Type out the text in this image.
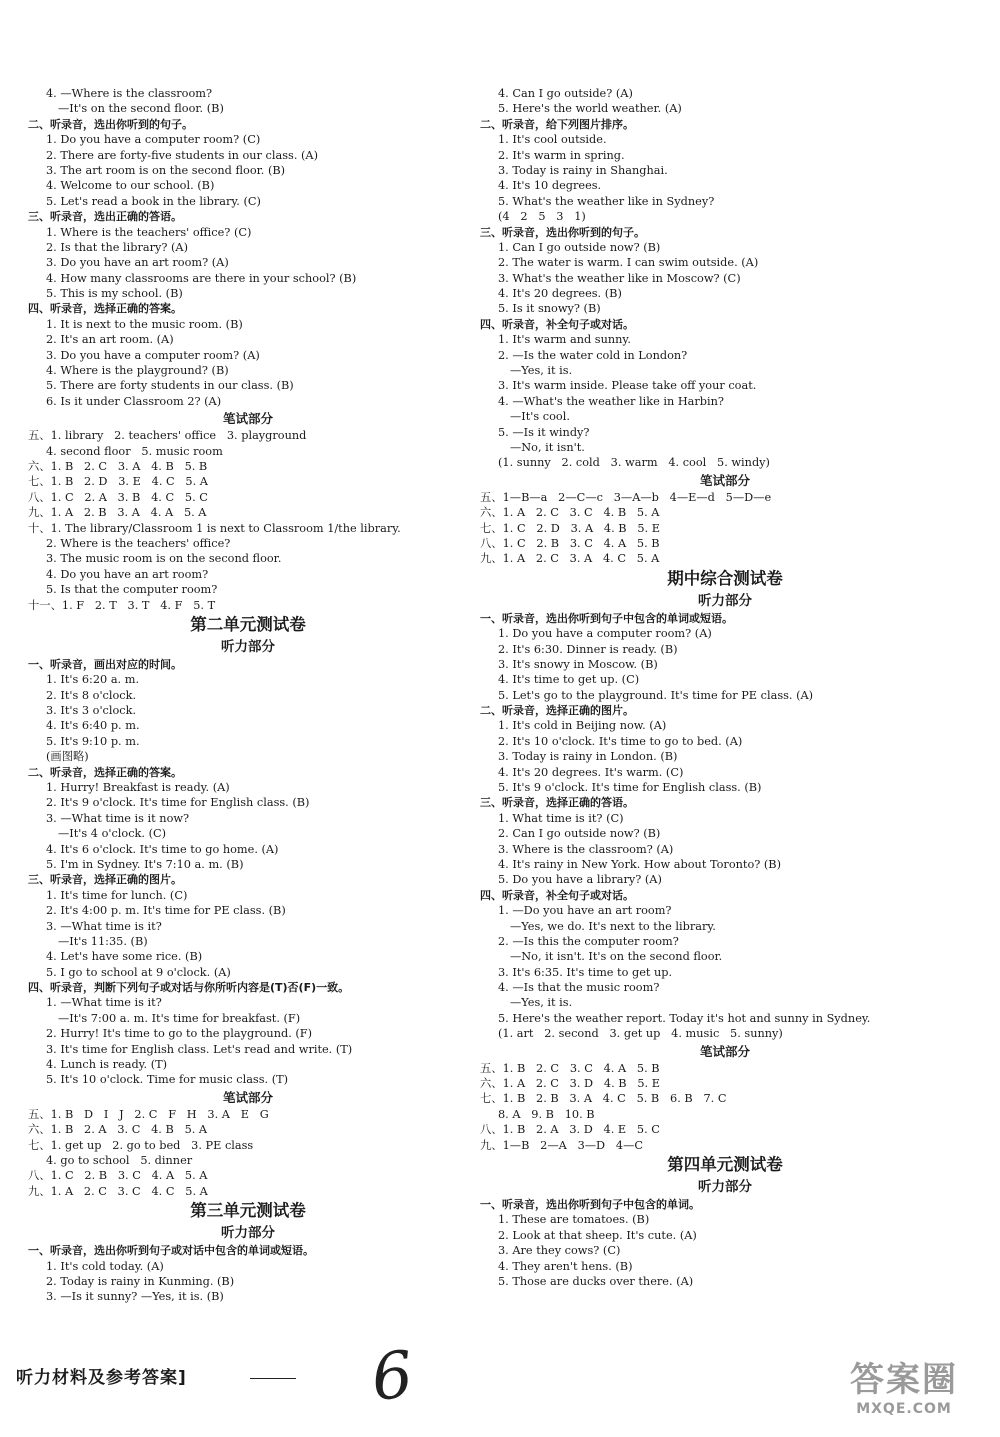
4. —Where is the classroom?
—It's on the second floor. (B)
二、听录音，选出你听到的句子。
1. Do you have a computer room? (C)
2. There are forty-five students in our class. (A)
3. The art room is on the second floor. (B)
4. Welcome to our school. (B)
5. Let's read a book in the library. (C)
三、听录音，选出正确的答语。
1. Where is the teachers' office? (C)
2. Is that the library? (A)
3. Do you have an art room? (A)
4. How many classrooms are there in your school? (B)
5. This is my school. (B)
四、听录音，选择正确的答案。
1. It is next to the music room. (B)
2. It's an art room. (A)
3. Do you have a computer room? (A)
4. Where is the playground? (B)
5. There are forty students in our class. (B)
6. Is it under Classroom 2? (A)
笔试部分
五、1. library   2. teachers' office   3. playground
4. second floor   5. music room
六、1. B   2. C   3. A   4. B   5. B
七、1. B   2. D   3. E   4. C   5. A
八、1. C   2. A   3. B   4. C   5. C
九、1. A   2. B   3. A   4. A   5. A
十、1. The library/Classroom 1 is next to Classroom 1/the library.
2. Where is the teachers' office?
3. The music room is on the second floor.
4. Do you have an art room?
5. Is that the computer room?
十一、1. F   2. T   3. T   4. F   5. T
第二单元测试卷
听力部分
一、听录音，画出对应的时间。
1. It's 6:20 a. m.
2. It's 8 o'clock.
3. It's 3 o'clock.
4. It's 6:40 p. m.
5. It's 9:10 p. m.
(画图略)
二、听录音，选择正确的答案。
1. Hurry! Breakfast is ready. (A)
2. It's 9 o'clock. It's time for English class. (B)
3. —What time is it now?
—It's 4 o'clock. (C)
4. It's 6 o'clock. It's time to go home. (A)
5. I'm in Sydney. It's 7:10 a. m. (B)
三、听录音，选择正确的图片。
1. It's time for lunch. (C)
2. It's 4:00 p. m. It's time for PE class. (B)
3. —What time is it?
—It's 11:35. (B)
4. Let's have some rice. (B)
5. I go to school at 9 o'clock. (A)
四、听录音，判断下列句子或对话与你所听内容是(T)否(F)一致。
1. —What time is it?
—It's 7:00 a. m. It's time for breakfast. (F)
2. Hurry! It's time to go to the playground. (F)
3. It's time for English class. Let's read and write. (T)
4. Lunch is ready. (T)
5. It's 10 o'clock. Time for music class. (T)
笔试部分
五、1. B   D   I   J   2. C   F   H   3. A   E   G
六、1. B   2. A   3. C   4. B   5. A
七、1. get up   2. go to bed   3. PE class
4. go to school   5. dinner
八、1. C   2. B   3. C   4. A   5. A
九、1. A   2. C   3. C   4. C   5. A
第三单元测试卷
听力部分
一、听录音，选出你听到句子或对话中包含的单词或短语。
1. It's cold today. (A)
2. Today is rainy in Kunming. (B)
3. —Is it sunny? —Yes, it is. (B)
4. Can I go outside? (A)
5. Here's the world weather. (A)
二、听录音，给下列图片排序。
1. It's cool outside.
2. It's warm in spring.
3. Today is rainy in Shanghai.
4. It's 10 degrees.
5. What's the weather like in Sydney?
(4   2   5   3   1)
三、听录音，选出你听到的句子。
1. Can I go outside now? (B)
2. The water is warm. I can swim outside. (A)
3. What's the weather like in Moscow? (C)
4. It's 20 degrees. (B)
5. Is it snowy? (B)
四、听录音，补全句子或对话。
1. It's warm and sunny.
2. —Is the water cold in London?
—Yes, it is.
3. It's warm inside. Please take off your coat.
4. —What's the weather like in Harbin?
—It's cool.
5. —Is it windy?
—No, it isn't.
(1. sunny   2. cold   3. warm   4. cool   5. windy)
笔试部分
五、1—B—a   2—C—c   3—A—b   4—E—d   5—D—e
六、1. A   2. C   3. C   4. B   5. A
七、1. C   2. D   3. A   4. B   5. E
八、1. C   2. B   3. C   4. A   5. B
九、1. A   2. C   3. A   4. C   5. A
期中综合测试卷
听力部分
一、听录音，选出你听到句子中包含的单词或短语。
1. Do you have a computer room? (A)
2. It's 6:30. Dinner is ready. (B)
3. It's snowy in Moscow. (B)
4. It's time to get up. (C)
5. Let's go to the playground. It's time for PE class. (A)
二、听录音，选择正确的图片。
1. It's cold in Beijing now. (A)
2. It's 10 o'clock. It's time to go to bed. (A)
3. Today is rainy in London. (B)
4. It's 20 degrees. It's warm. (C)
5. It's 9 o'clock. It's time for English class. (B)
三、听录音，选择正确的答语。
1. What time is it? (C)
2. Can I go outside now? (B)
3. Where is the classroom? (A)
4. It's rainy in New York. How about Toronto? (B)
5. Do you have a library? (A)
四、听录音，补全句子或对话。
1. —Do you have an art room?
—Yes, we do. It's next to the library.
2. —Is this the computer room?
—No, it isn't. It's on the second floor.
3. It's 6:35. It's time to get up.
4. —Is that the music room?
—Yes, it is.
5. Here's the weather report. Today it's hot and sunny in Sydney.
(1. art   2. second   3. get up   4. music   5. sunny)
笔试部分
五、1. B   2. C   3. C   4. A   5. B
六、1. A   2. C   3. D   4. B   5. E
七、1. B   2. B   3. A   4. C   5. B   6. B   7. C
8. A   9. B   10. B
八、1. B   2. A   3. D   4. E   5. C
九、1—B   2—A   3—D   4—C
第四单元测试卷
听力部分
一、听录音，选出你听到句子中包含的单词。
1. These are tomatoes. (B)
2. Look at that sheep. It's cute. (A)
3. Are they cows? (C)
4. They aren't hens. (B)
5. Those are ducks over there. (A)
听力材料及参考答案]	6	答案圈
MXQE.COM
